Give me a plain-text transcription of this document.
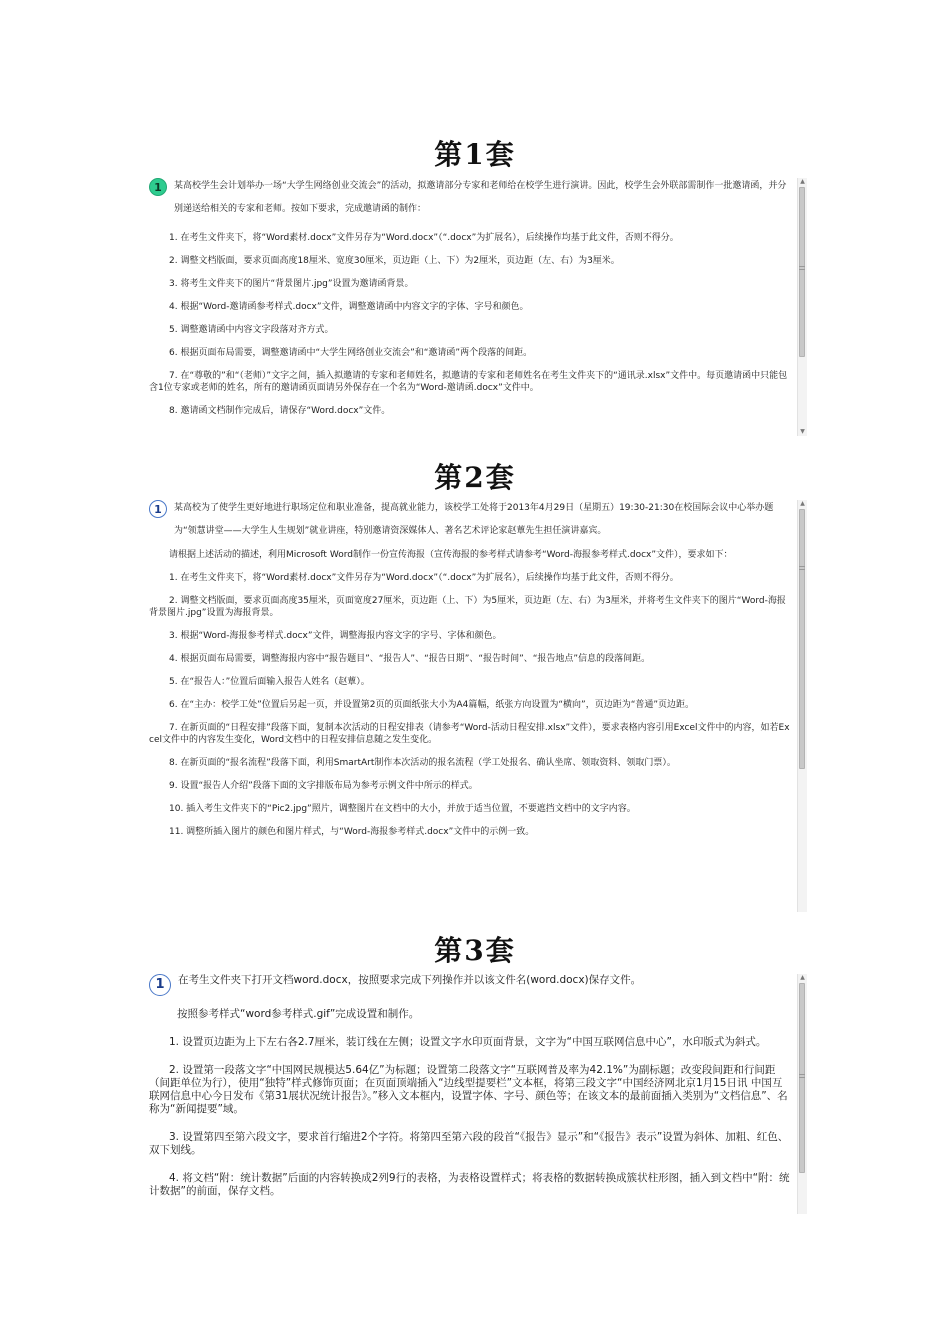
第1套
1	某高校学生会计划举办一场“大学生网络创业交流会”的活动，拟邀请部分专家和老师给在校学生进行演讲。因此，校学生会外联部需制作一批邀请函，并分别递送给相关的专家和老师。按如下要求，完成邀请函的制作：

1. 在考生文件夹下，将“Word素材.docx”文件另存为“Word.docx”（“.docx”为扩展名），后续操作均基于此文件，否则不得分。

2. 调整文档版面，要求页面高度18厘米、宽度30厘米，页边距（上、下）为2厘米，页边距（左、右）为3厘米。

3. 将考生文件夹下的图片“背景图片.jpg”设置为邀请函背景。

4. 根据“Word-邀请函参考样式.docx”文件，调整邀请函中内容文字的字体、字号和颜色。

5. 调整邀请函中内容文字段落对齐方式。

6. 根据页面布局需要，调整邀请函中“大学生网络创业交流会”和“邀请函”两个段落的间距。

7. 在“尊敬的”和“（老师）”文字之间，插入拟邀请的专家和老师姓名，拟邀请的专家和老师姓名在考生文件夹下的“通讯录.xlsx”文件中。每页邀请函中只能包含1位专家或老师的姓名，所有的邀请函页面请另外保存在一个名为“Word-邀请函.docx”文件中。

8. 邀请函文档制作完成后，请保存“Word.docx”文件。

▲
▼
第2套
1	某高校为了使学生更好地进行职场定位和职业准备，提高就业能力，该校学工处将于2013年4月29日（星期五）19:30-21:30在校国际会议中心举办题为“领慧讲堂——大学生人生规划”就业讲座，特别邀请资深媒体人、著名艺术评论家赵蕈先生担任演讲嘉宾。

请根据上述活动的描述，利用Microsoft Word制作一份宣传海报（宣传海报的参考样式请参考“Word-海报参考样式.docx”文件），要求如下：

1. 在考生文件夹下，将“Word素材.docx”文件另存为“Word.docx”（“.docx”为扩展名），后续操作均基于此文件，否则不得分。

2. 调整文档版面，要求页面高度35厘米，页面宽度27厘米，页边距（上、下）为5厘米，页边距（左、右）为3厘米，并将考生文件夹下的图片“Word-海报背景图片.jpg”设置为海报背景。

3. 根据“Word-海报参考样式.docx”文件，调整海报内容文字的字号、字体和颜色。

4. 根据页面布局需要，调整海报内容中“报告题目”、“报告人”、“报告日期”、“报告时间”、“报告地点”信息的段落间距。

5. 在“报告人：”位置后面输入报告人姓名（赵蕈）。

6. 在“主办：校学工处”位置后另起一页，并设置第2页的页面纸张大小为A4篇幅，纸张方向设置为“横向”，页边距为“普通”页边距。

7. 在新页面的“日程安排”段落下面，复制本次活动的日程安排表（请参考“Word-活动日程安排.xlsx”文件），要求表格内容引用Excel文件中的内容，如若Excel文件中的内容发生变化，Word文档中的日程安排信息随之发生变化。

8. 在新页面的“报名流程”段落下面，利用SmartArt制作本次活动的报名流程（学工处报名、确认坐席、领取资料、领取门票）。

9. 设置“报告人介绍”段落下面的文字排版布局为参考示例文件中所示的样式。

10. 插入考生文件夹下的“Pic2.jpg”照片，调整图片在文档中的大小，并放于适当位置，不要遮挡文档中的文字内容。

11. 调整所插入图片的颜色和图片样式，与“Word-海报参考样式.docx”文件中的示例一致。

▲
第3套
1	在考生文件夹下打开文档word.docx，按照要求完成下列操作并以该文件名(word.docx)保存文件。

按照参考样式“word参考样式.gif”完成设置和制作。

1. 设置页边距为上下左右各2.7厘米，装订线在左侧；设置文字水印页面背景，文字为“中国互联网信息中心”，水印版式为斜式。

2. 设置第一段落文字“中国网民规模达5.64亿”为标题；设置第二段落文字“互联网普及率为42.1%”为副标题；改变段间距和行间距（间距单位为行），使用“独特”样式修饰页面；在页面顶端插入“边线型提要栏”文本框，将第三段文字“中国经济网北京1月15日讯 中国互联网信息中心今日发布《第31展状况统计报告》。”移入文本框内，设置字体、字号、颜色等；在该文本的最前面插入类别为“文档信息”、名称为“新闻提要”域。

3. 设置第四至第六段文字，要求首行缩进2个字符。将第四至第六段的段首“《报告》显示”和“《报告》表示”设置为斜体、加粗、红色、双下划线。

4. 将文档“附：统计数据”后面的内容转换成2列9行的表格，为表格设置样式；将表格的数据转换成簇状柱形图，插入到文档中“附：统计数据”的前面，保存文档。

▲
